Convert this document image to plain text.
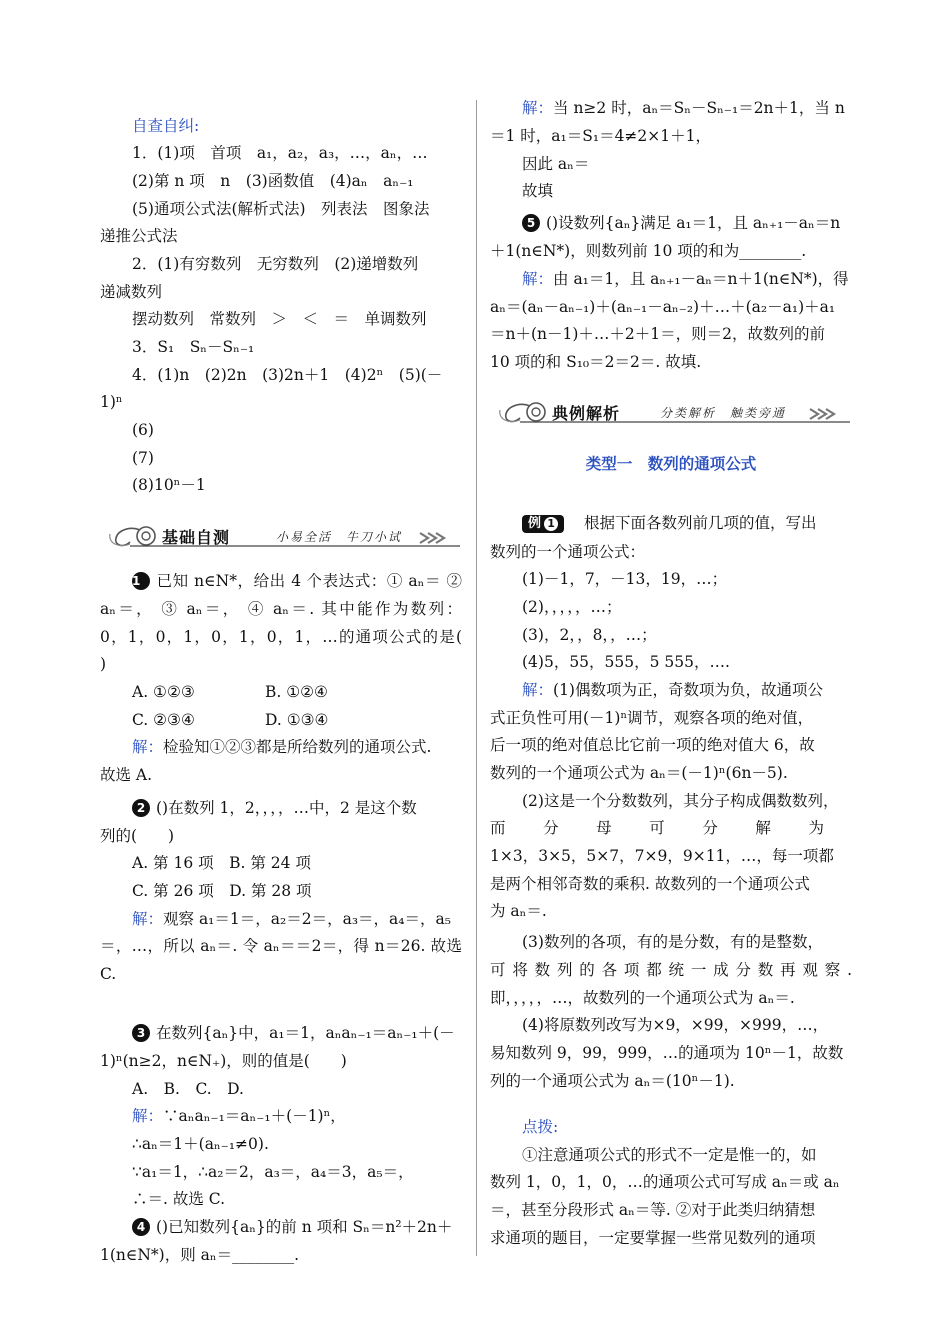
自查自纠:
1．(1)项　首项　a₁，a₂，a₃，…，aₙ，…
(2)第 n 项　n　(3)函数值　(4)aₙ　aₙ₋₁
(5)通项公式法(解析式法)　列表法　图象法
递推公式法
2．(1)有穷数列　无穷数列　(2)递增数列
递减数列
摆动数列　常数列　＞　＜　＝　单调数列
3．S₁　Sₙ－Sₙ₋₁
4．(1)n　(2)2n　(3)2n＋1　(4)2ⁿ　(5)(－
1)ⁿ
(6)
(7)
(8)10ⁿ－1
基础自测	小易全活　牛刀小试
1 已知 n∈N*，给出 4 个表达式：① aₙ＝ ②
aₙ＝， ③ aₙ＝， ④ aₙ＝. 其中能作为数列：
0，1，0，1，0，1，0，1，…的通项公式的是(
)
A. ①②③	B. ①②④
C. ②③④	D. ①③④
解：检验知①②③都是所给数列的通项公式.
故选 A.
2 ()在数列 1，2，，，，…中，2 是这个数
列的(　　)
A. 第 16 项　B. 第 24 项
C. 第 26 项　D. 第 28 项
解：观察 a₁＝1＝，a₂＝2＝，a₃＝，a₄＝，a₅
＝，…，所以 aₙ＝. 令 aₙ＝＝2＝，得 n＝26. 故选
C.
3 在数列{aₙ}中，a₁＝1，aₙaₙ₋₁＝aₙ₋₁＋(－
1)ⁿ(n≥2，n∈N₊)，则的值是(　　)
A.　B.　C.　D.
解：∵aₙaₙ₋₁＝aₙ₋₁＋(－1)ⁿ，
∴aₙ＝1＋(aₙ₋₁≠0).
∵a₁＝1，∴a₂＝2，a₃＝，a₄＝3，a₅＝，
∴＝. 故选 C.
4 ()已知数列{aₙ}的前 n 项和 Sₙ＝n²＋2n＋
1(n∈N*)，则 aₙ＝________.
解：当 n≥2 时，aₙ＝Sₙ－Sₙ₋₁＝2n＋1，当 n
＝1 时，a₁＝S₁＝4≠2×1＋1，
因此 aₙ＝
故填
5 ()设数列{aₙ}满足 a₁＝1，且 aₙ₊₁－aₙ＝n
＋1(n∈N*)，则数列前 10 项的和为________.
解：由 a₁＝1，且 aₙ₊₁－aₙ＝n＋1(n∈N*)，得
aₙ＝(aₙ－aₙ₋₁)＋(aₙ₋₁－aₙ₋₂)＋…＋(a₂－a₁)＋a₁
＝n＋(n－1)＋…＋2＋1＝，则＝2，故数列的前
10 项的和 S₁₀＝2＝2＝. 故填.
典例解析	分类解析　触类旁通
类型一　数列的通项公式
例 1 根据下面各数列前几项的值，写出
数列的一个通项公式：
(1)－1，7，－13，19，…；
(2)，，，，，…；
(3)，2，，8，，…；
(4)5，55，555，5 555，….
解：(1)偶数项为正，奇数项为负，故通项公
式正负性可用(－1)ⁿ调节，观察各项的绝对值，
后一项的绝对值总比它前一项的绝对值大 6，故
数列的一个通项公式为 aₙ＝(－1)ⁿ(6n－5).
(2)这是一个分数数列，其分子构成偶数数列，
而分母可分解为
1×3，3×5，5×7，7×9，9×11，…，每一项都
是两个相邻奇数的乘积. 故数列的一个通项公式
为 aₙ＝.
(3)数列的各项，有的是分数，有的是整数，
可将数列的各项都统一成分数再观察.
即，，，，，…，故数列的一个通项公式为 aₙ＝.
(4)将原数列改写为×9，×99，×999，…，
易知数列 9，99，999，…的通项为 10ⁿ－1，故数
列的一个通项公式为 aₙ＝(10ⁿ－1).
点拨:
①注意通项公式的形式不一定是惟一的，如
数列 1，0，1，0，…的通项公式可写成 aₙ＝或 aₙ
＝，甚至分段形式 aₙ＝等. ②对于此类归纳猜想
求通项的题目，一定要掌握一些常见数列的通项
